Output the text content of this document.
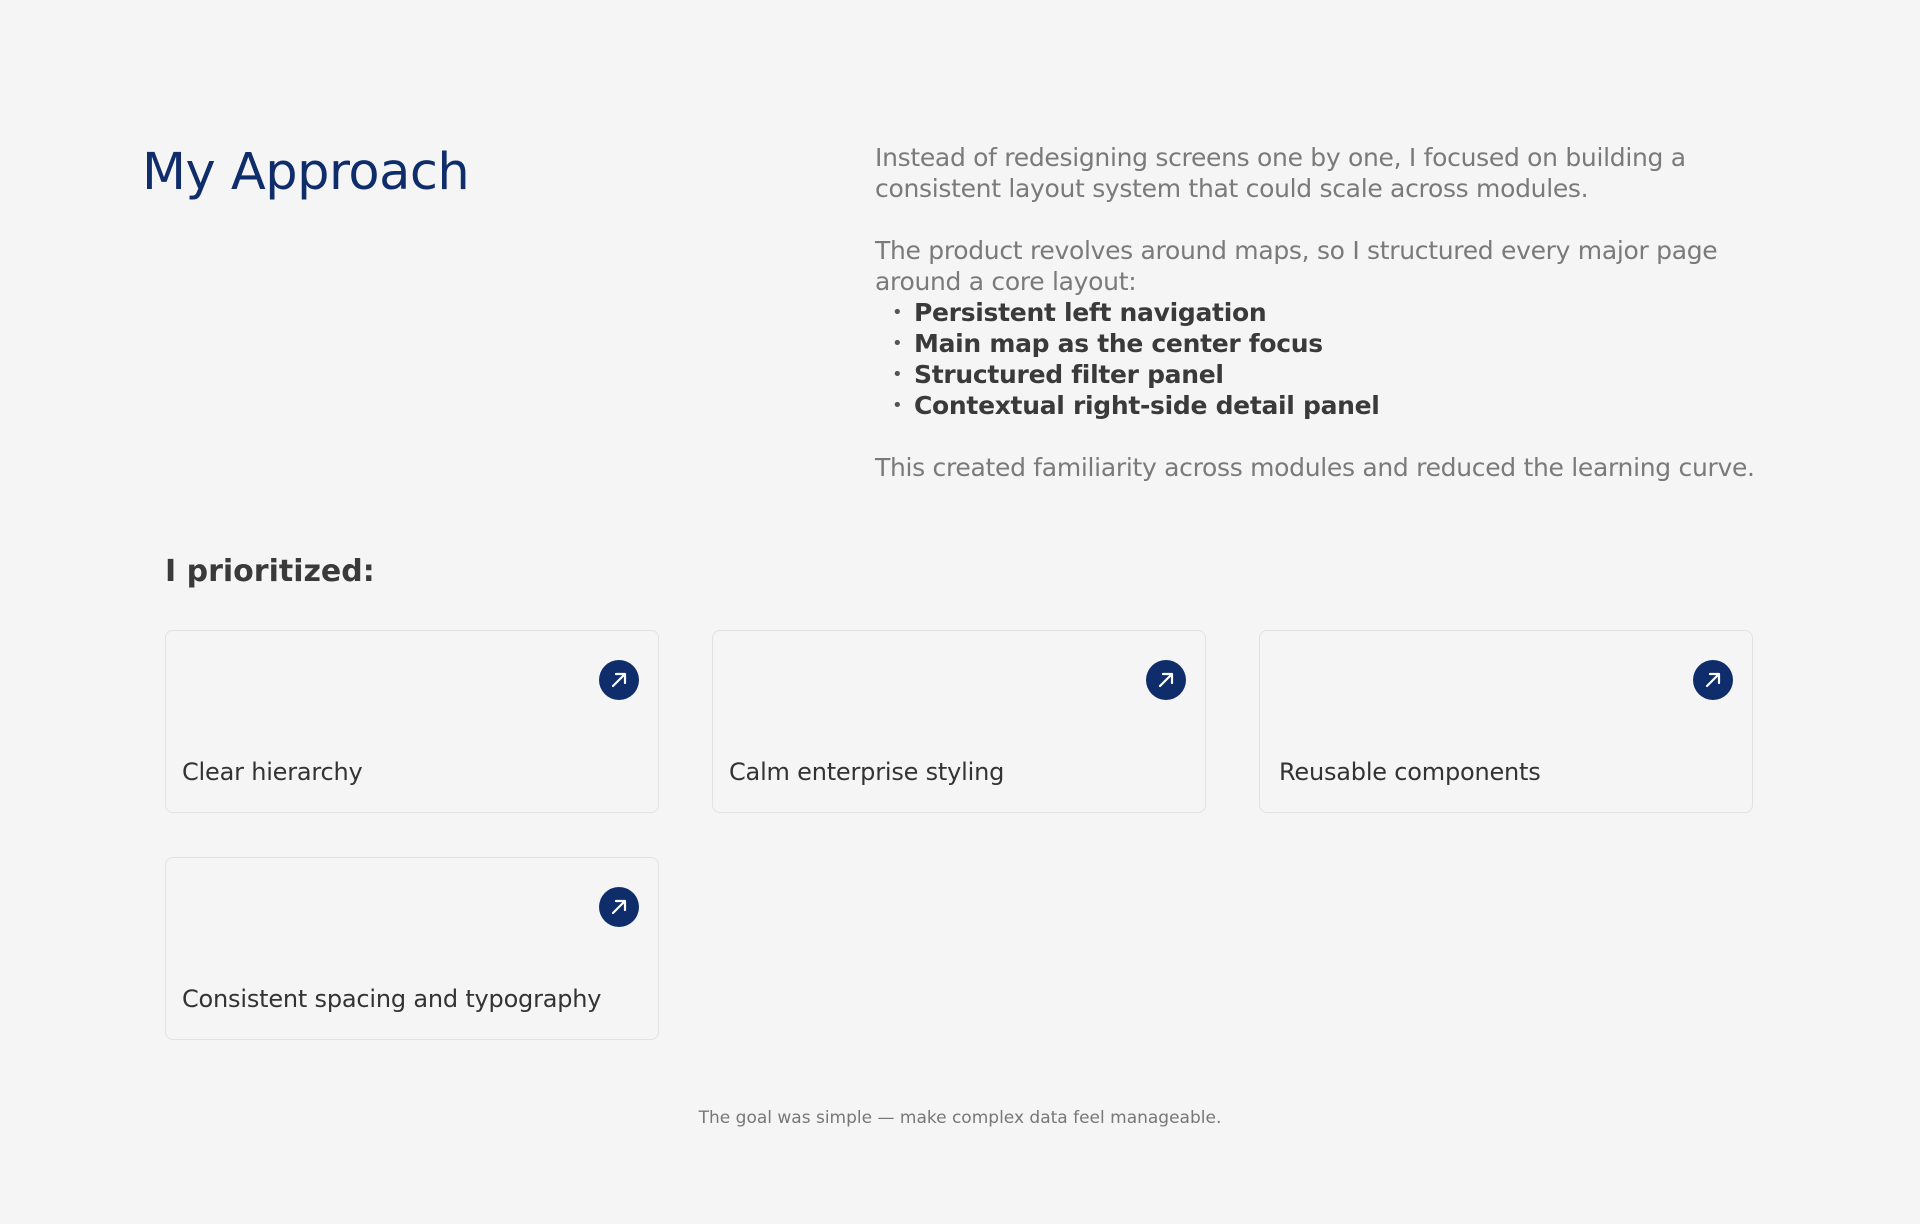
My Approach	Instead of redesigning screens one by one, I focused on building a

consistent layout system that could scale across modules.

The product revolves around maps, so I structured every major page

around a core layout:

• Persistent left navigation
• Main map as the center focus
• Structured filter panel
• Contextual right-side detail panel

This created familiarity across modules and reduced the learning curve.

I prioritized:
Clear hierarchy	Calm enterprise styling	Reusable components
Consistent spacing and typography
The goal was simple — make complex data feel manageable.
